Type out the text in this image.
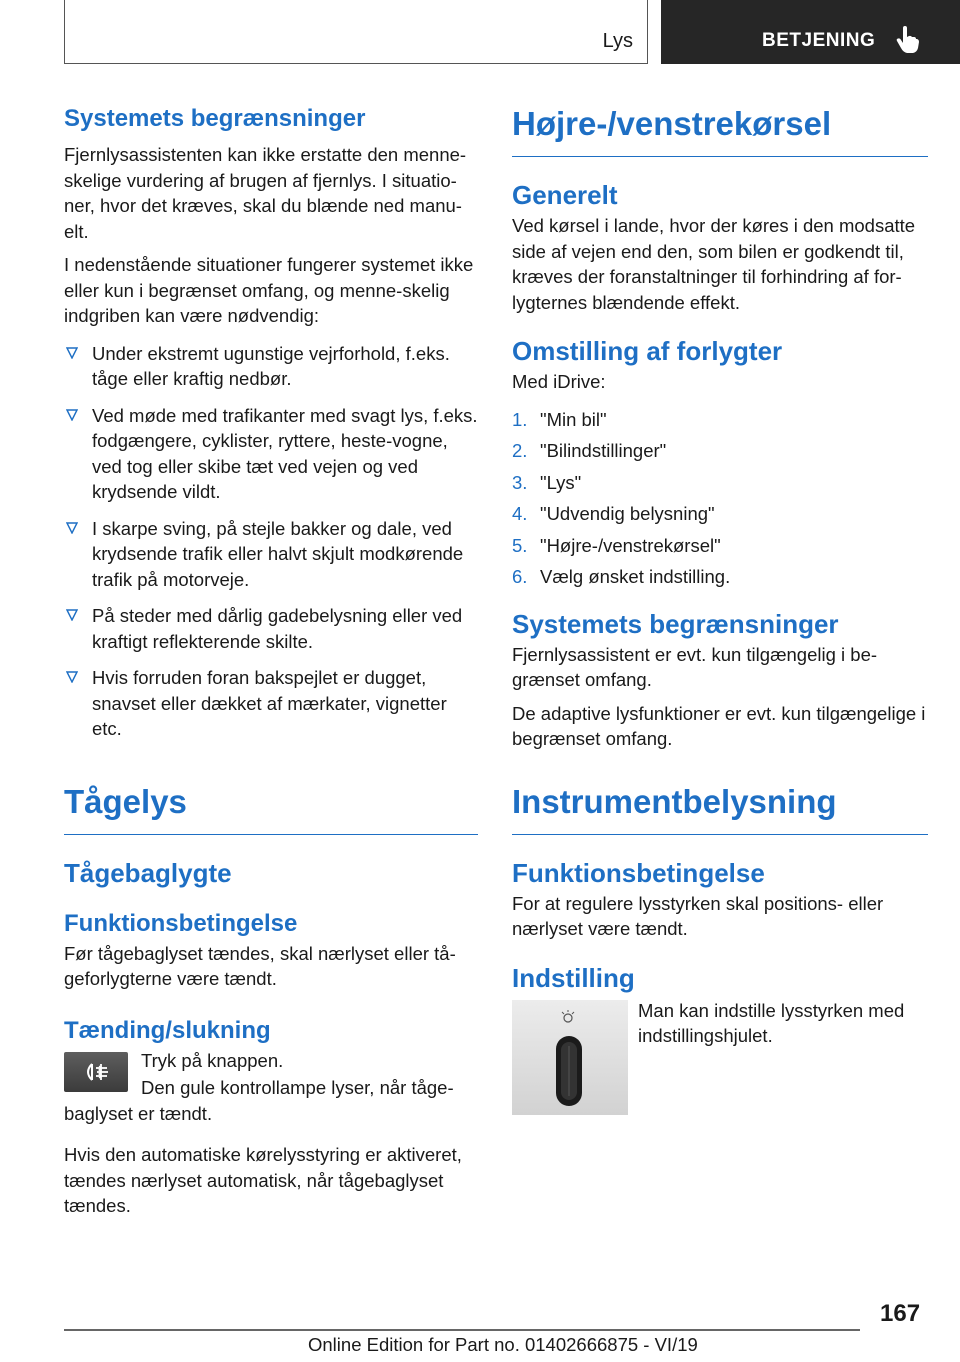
Lys	BETJENING
Systemets begrænsninger

Fjernlysassistenten kan ikke erstatte den menne-skelige vurdering af brugen af fjernlys. I situatio-ner, hvor det kræves, skal du blænde ned manu-elt.

I nedenstående situationer fungerer systemet ikke eller kun i begrænset omfang, og menne-skelig indgriben kan være nødvendig:

Under ekstremt ugunstige vejrforhold, f.eks. tåge eller kraftig nedbør.
Ved møde med trafikanter med svagt lys, f.eks. fodgængere, cyklister, ryttere, heste-vogne, ved tog eller skibe tæt ved vejen og ved krydsende vildt.
I skarpe sving, på stejle bakker og dale, ved krydsende trafik eller halvt skjult modkørende trafik på motorveje.
På steder med dårlig gadebelysning eller ved kraftigt reflekterende skilte.
Hvis forruden foran bakspejlet er dugget, snavset eller dækket af mærkater, vignetter etc.
Tågelys
Tågebaglygte
Funktionsbetingelse

Før tågebaglyset tændes, skal nærlyset eller tå-geforlygterne være tændt.

Tænding/slukning

Tryk på knappen.

Den gule kontrollampe lyser, når tåge-

baglyset er tændt.

Hvis den automatiske kørelysstyring er aktiveret, tændes nærlyset automatisk, når tågebaglyset tændes.

Højre-/venstrekørsel
Generelt

Ved kørsel i lande, hvor der køres i den modsatte side af vejen end den, som bilen er godkendt til, kræves der foranstaltninger til forhindring af for-lygternes blændende effekt.

Omstilling af forlygter

Med iDrive:

1. "Min bil"
2. "Bilindstillinger"
3. "Lys"
4. "Udvendig belysning"
5. "Højre-/venstrekørsel"
6. Vælg ønsket indstilling.
Systemets begrænsninger

Fjernlysassistent er evt. kun tilgængelig i be-grænset omfang.

De adaptive lysfunktioner er evt. kun tilgængelige i begrænset omfang.

Instrumentbelysning
Funktionsbetingelse

For at regulere lysstyrken skal positions- eller nærlyset være tændt.

Indstilling

Man kan indstille lysstyrken med indstillingshjulet.

167
Online Edition for Part no. 01402666875 - VI/19
